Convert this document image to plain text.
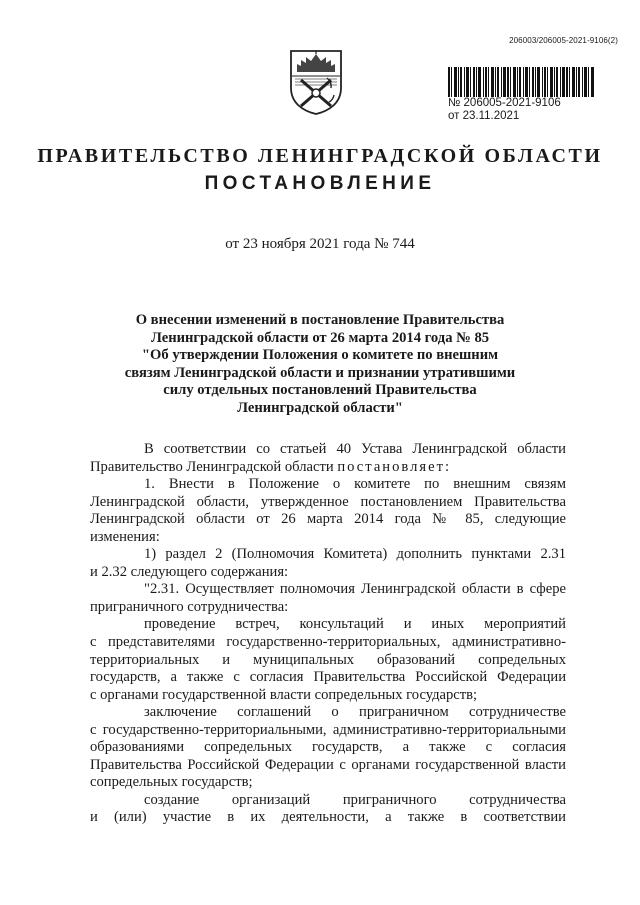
206003/206005-2021-9106(2)
№ 206005-2021-9106
от 23.11.2021
ПРАВИТЕЛЬСТВО ЛЕНИНГРАДСКОЙ ОБЛАСТИ
ПОСТАНОВЛЕНИЕ
от 23 ноября 2021 года № 744
О внесении изменений в постановление Правительства
Ленинградской области от 26 марта 2014 года № 85
"Об утверждении Положения о комитете по внешним
связям Ленинградской области и признании утратившими
силу отдельных постановлений Правительства
Ленинградской области"
В соответствии со статьей 40 Устава Ленинградской области
Правительство Ленинградской области постановляет:
1. Внести в Положение о комитете по внешним связям
Ленинградской области, утвержденное постановлением Правительства
Ленинградской области от 26 марта 2014 года № 85, следующие
изменения:
1) раздел 2 (Полномочия Комитета) дополнить пунктами 2.31
и 2.32 следующего содержания:
"2.31. Осуществляет полномочия Ленинградской области в сфере
приграничного сотрудничества:
проведение встреч, консультаций и иных мероприятий
с представителями государственно-территориальных, административно-
территориальных и муниципальных образований сопредельных
государств, а также с согласия Правительства Российской Федерации
с органами государственной власти сопредельных государств;
заключение соглашений о приграничном сотрудничестве
с государственно-территориальными, административно-территориальными
образованиями сопредельных государств, а также с согласия
Правительства Российской Федерации с органами государственной власти
сопредельных государств;
создание организаций приграничного сотрудничества
и (или) участие в их деятельности, а также в соответствии
